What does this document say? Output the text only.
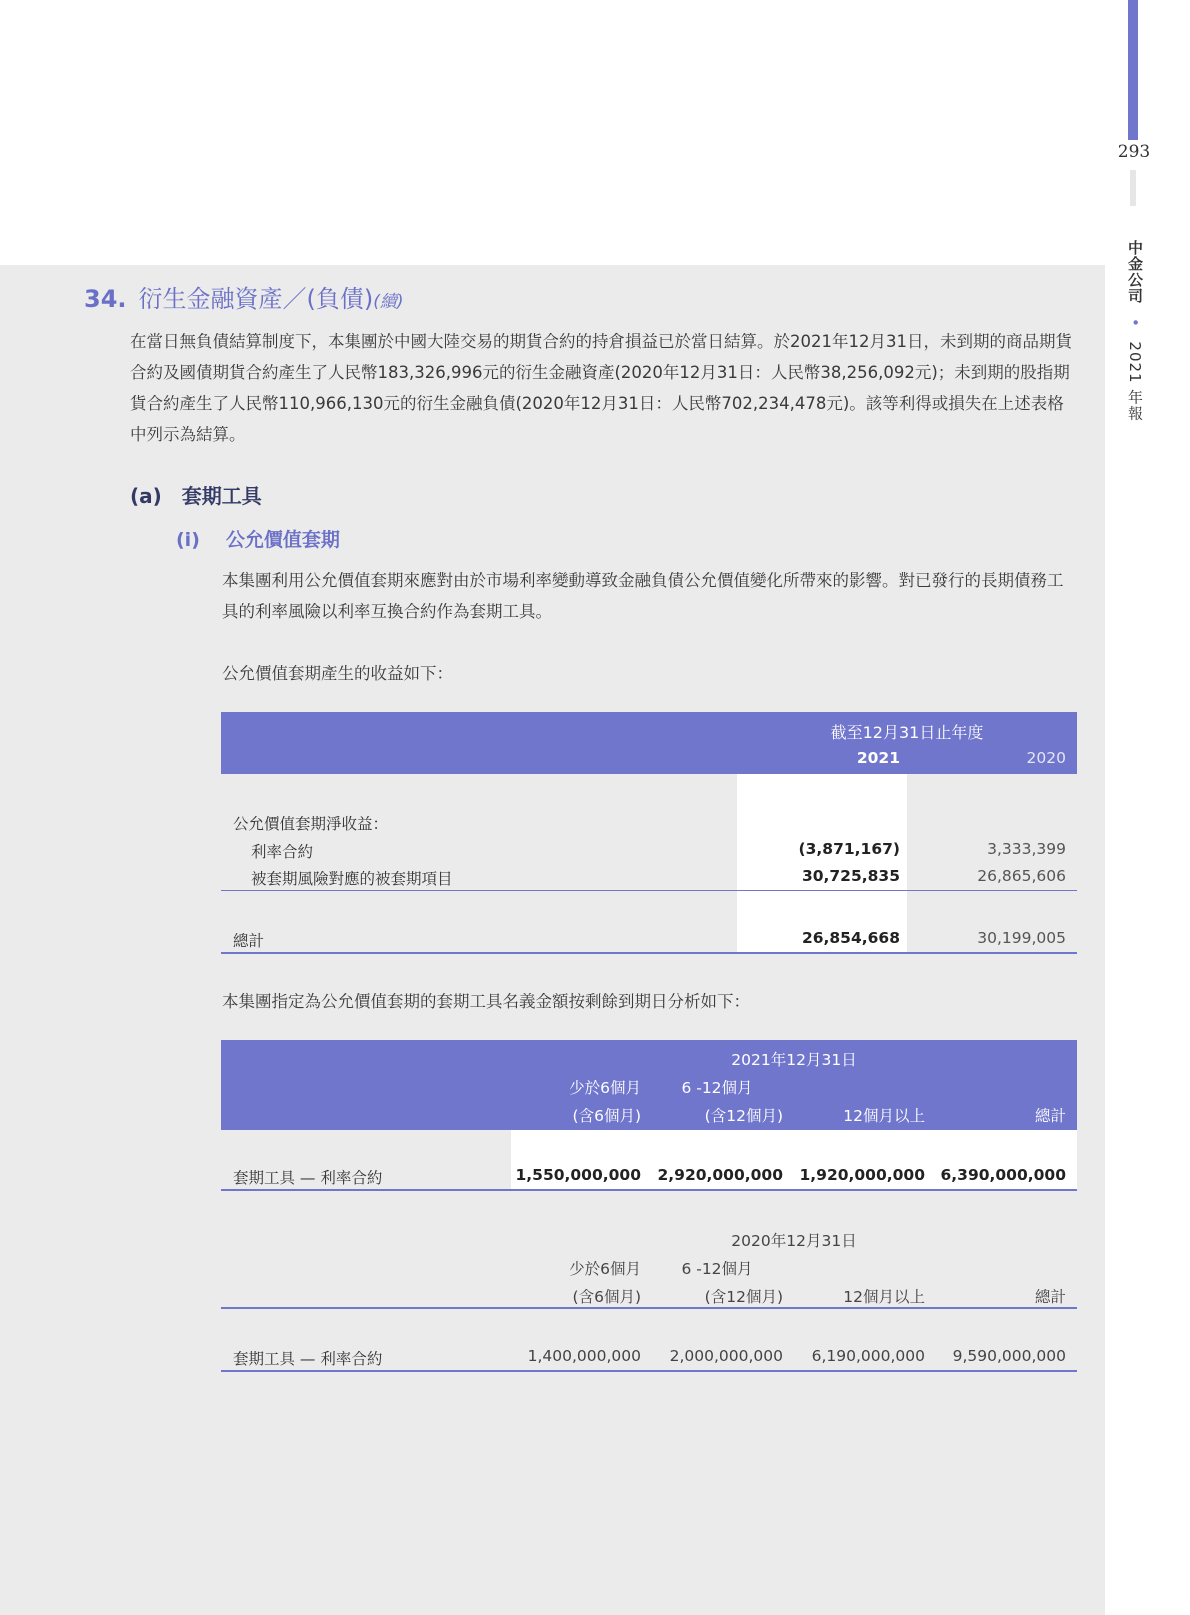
293
中金公司 • 2021 年報
34. 衍生金融資產／(負債)(續)
在當日無負債結算制度下，本集團於中國大陸交易的期貨合約的持倉損益已於當日結算。於2021年12月31日，未到期的商品期貨合約及國債期貨合約產生了人民幣183,326,996元的衍生金融資產(2020年12月31日：人民幣38,256,092元)；未到期的股指期貨合約產生了人民幣110,966,130元的衍生金融負債(2020年12月31日：人民幣702,234,478元)。該等利得或損失在上述表格中列示為結算。
(a) 套期工具
(i) 公允價值套期
本集團利用公允價值套期來應對由於市場利率變動導致金融負債公允價值變化所帶來的影響。對已發行的長期債務工具的利率風險以利率互換合約作為套期工具。
公允價值套期產生的收益如下：
截至12月31日止年度
2021	2020
公允價值套期淨收益：
利率合約	(3,871,167)	3,333,399
被套期風險對應的被套期項目	30,725,835	26,865,606
總計	26,854,668	30,199,005
本集團指定為公允價值套期的套期工具名義金額按剩餘到期日分析如下：
2021年12月31日
少於6個月	6 -12個月
(含6個月)	(含12個月)	12個月以上	總計
套期工具 — 利率合約	1,550,000,000	2,920,000,000	1,920,000,000 6,390,000,000
2020年12月31日
少於6個月	6 -12個月
(含6個月)	(含12個月)	12個月以上	總計
套期工具 — 利率合約	1,400,000,000	2,000,000,000	6,190,000,000	9,590,000,000
